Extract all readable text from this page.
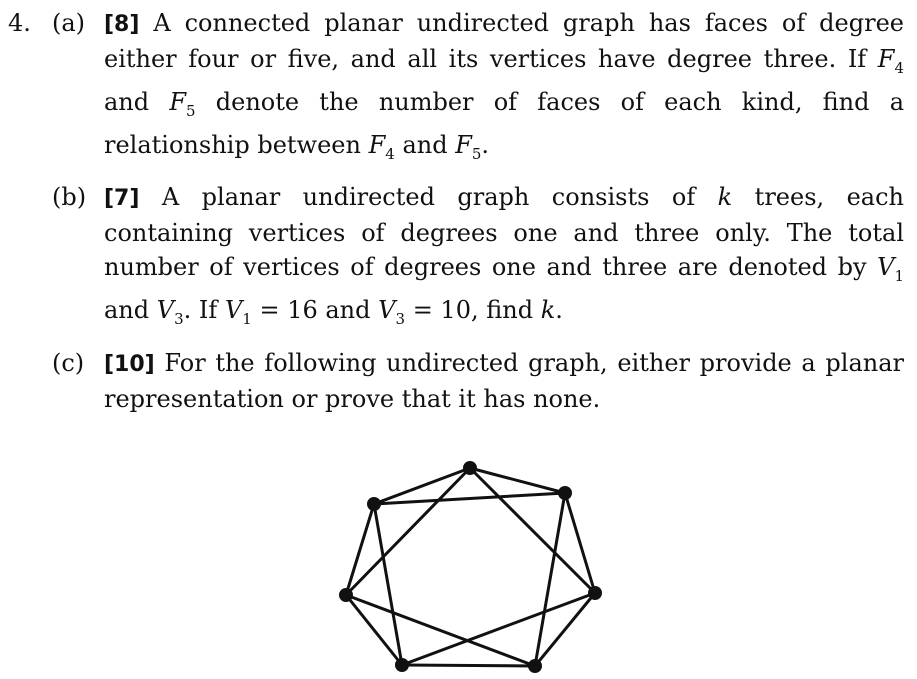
4. (a) [8] A connected planar undirected graph has faces of degree either four or five, and all its vertices have degree three. If $F_4$ and $F_5$ denote the number of faces of each kind, find a relationship between $F_4$ and $F_5$.
(b) [7] A planar undirected graph consists of k trees, each containing vertices of degrees one and three only. The total number of vertices of degrees one and three are denoted by $V_1$ and $V_3$. If $V_1 = 16$ and $V_3 = 10$, find k.
(c) [10] For the following undirected graph, either provide a planar representation or prove that it has none.
